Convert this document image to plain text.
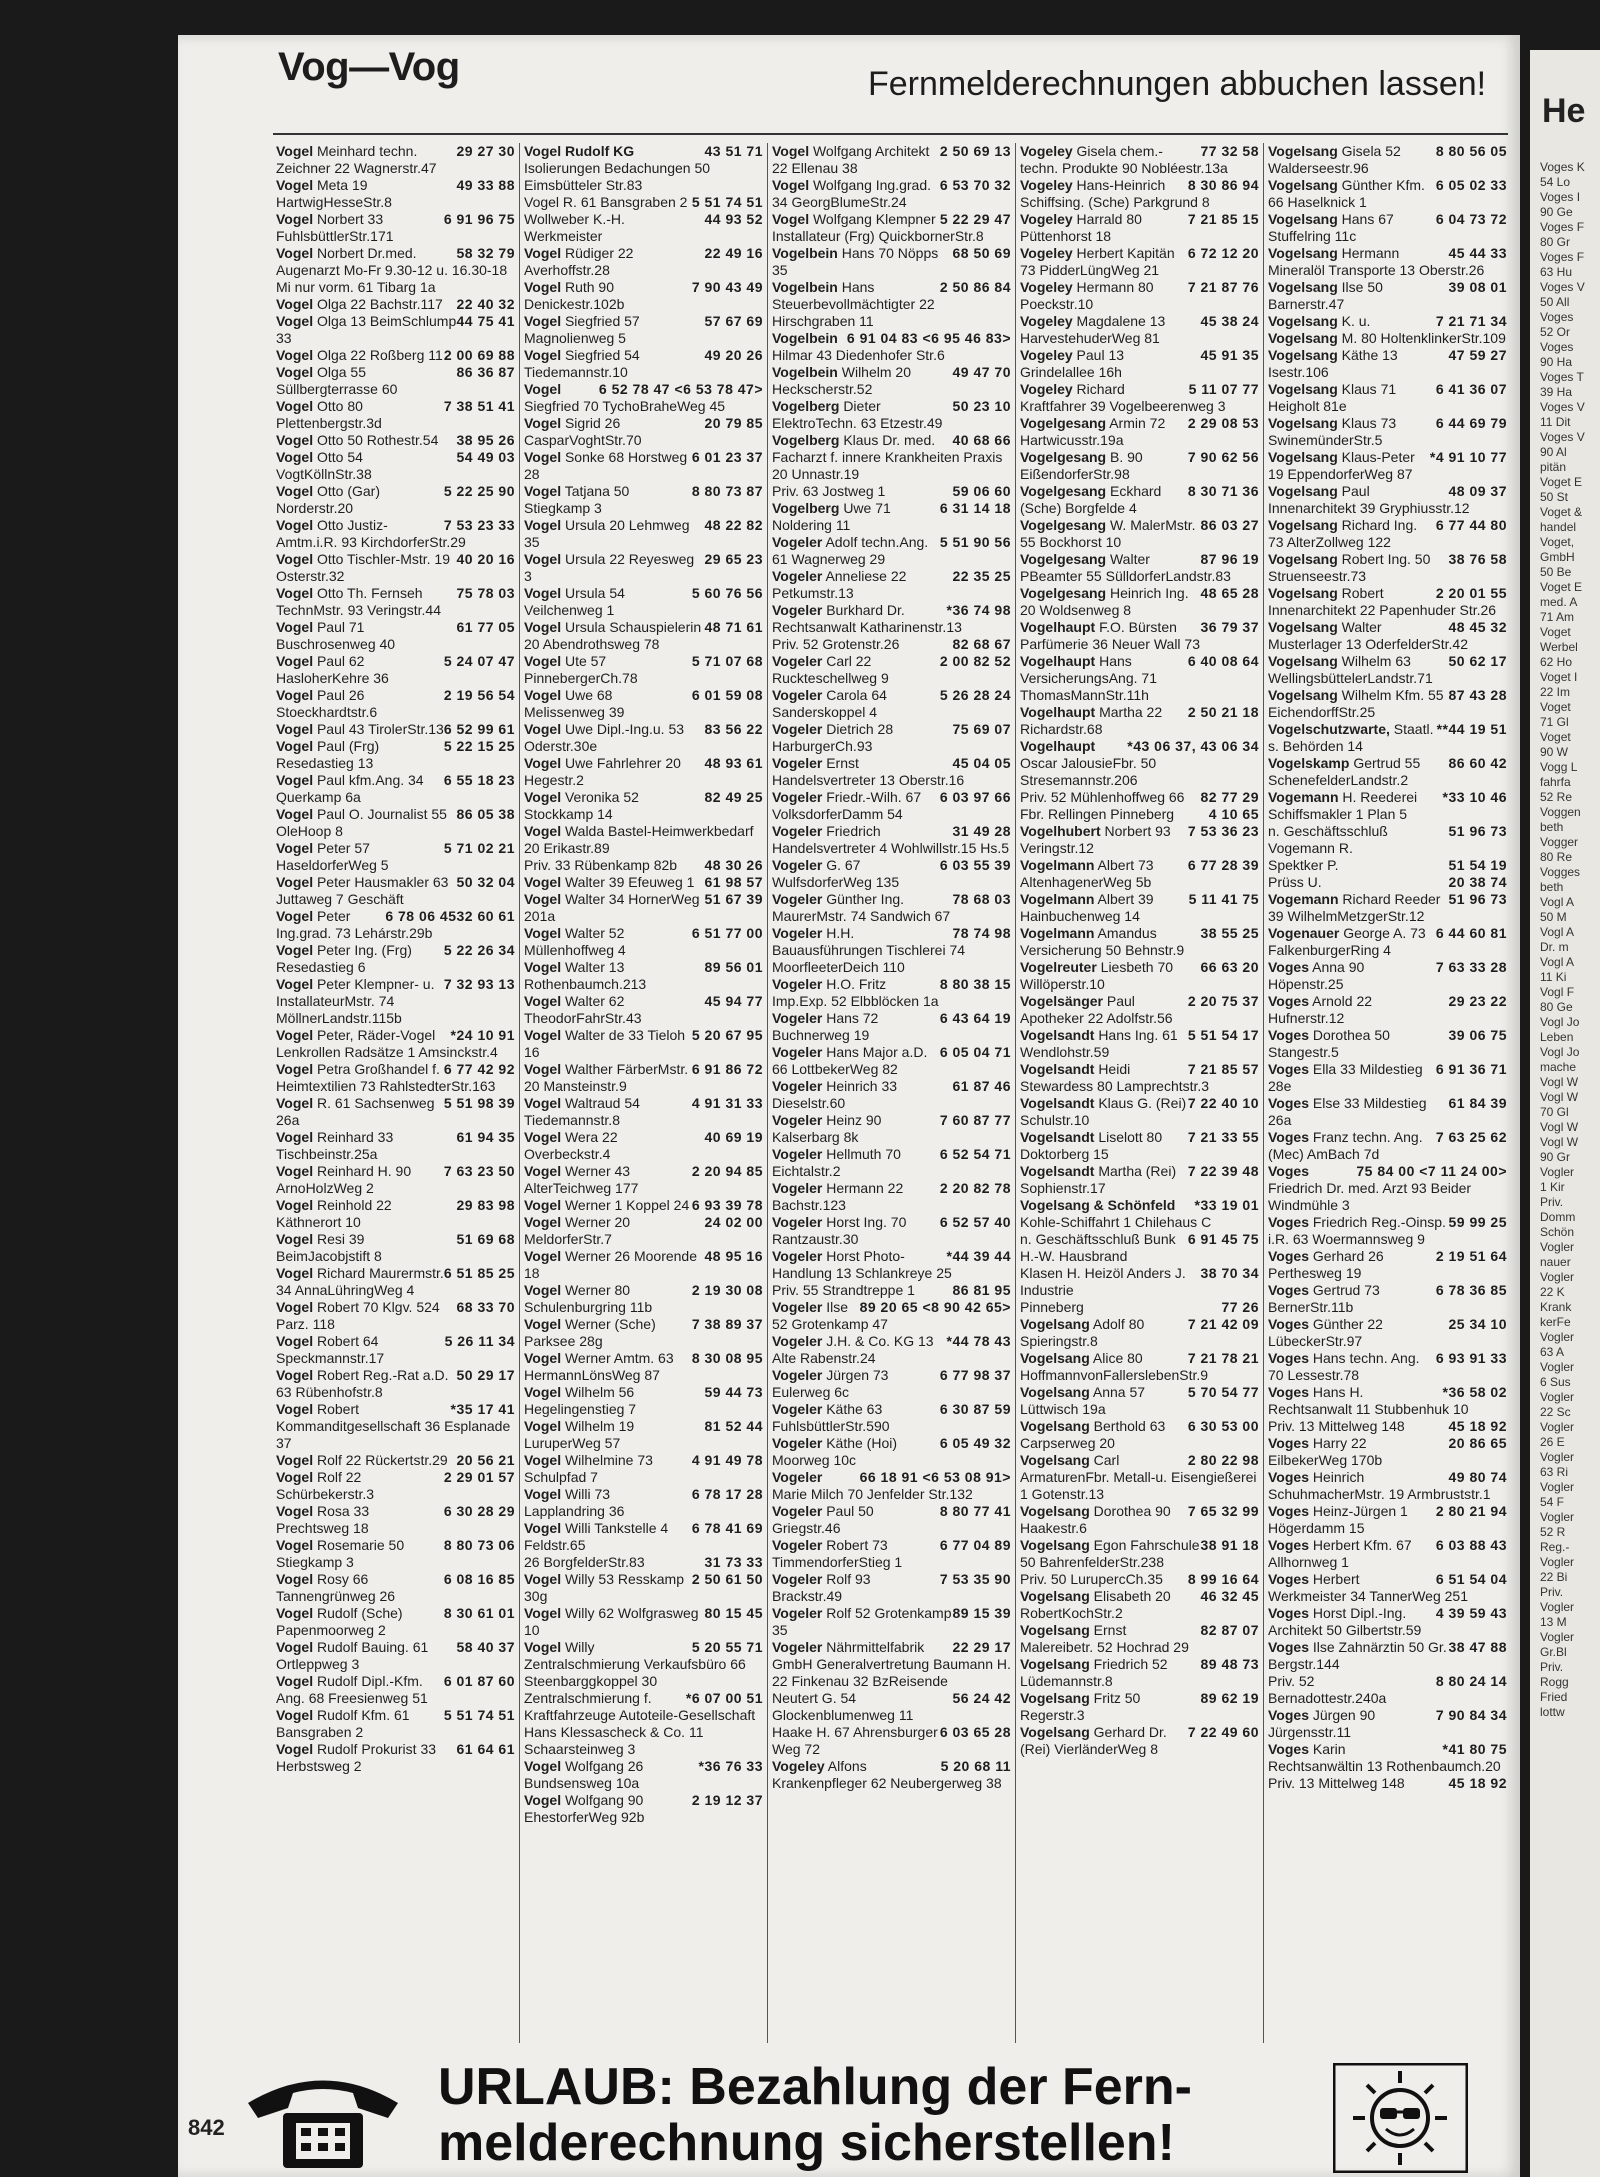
Vog—Vog	Fernmelderechnungen abbuchen lassen!
29 27 30
Vogel Meinhard techn. Zeichner 22 Wagnerstr.47
49 33 88
Vogel Meta 19 HartwigHesseStr.8
6 91 96 75
Vogel Norbert 33 FuhlsbüttlerStr.171
58 32 79
Vogel Norbert Dr.med. Augenarzt Mo-Fr 9.30-12 u. 16.30-18 Mi nur vorm. 61 Tibarg 1a
22 40 32
Vogel Olga 22 Bachstr.117
44 75 41
Vogel Olga 13 BeimSchlump 33
2 00 69 88
Vogel Olga 22 Roßberg 11
86 36 87
Vogel Olga 55 Süllbergterrasse 60
7 38 51 41
Vogel Otto 80 Plettenbergstr.3d
38 95 26
Vogel Otto 50 Rothestr.54
54 49 03
Vogel Otto 54 VogtKöllnStr.38
5 22 25 90
Vogel Otto (Gar) Norderstr.20
7 53 23 33
Vogel Otto Justiz-Amtm.i.R. 93 KirchdorferStr.29
40 20 16
Vogel Otto Tischler-Mstr. 19 Osterstr.32
75 78 03
Vogel Otto Th. Fernseh TechnMstr. 93 Veringstr.44
61 77 05
Vogel Paul 71 Buschrosenweg 40
5 24 07 47
Vogel Paul 62 HasloherKehre 36
2 19 56 54
Vogel Paul 26 Stoeckhardtstr.6
6 52 99 61
Vogel Paul 43 TirolerStr.13
5 22 15 25
Vogel Paul (Frg) Resedastieg 13
6 55 18 23
Vogel Paul kfm.Ang. 34 Querkamp 6a
86 05 38
Vogel Paul O. Journalist 55 OleHoop 8
5 71 02 21
Vogel Peter 57 HaseldorferWeg 5
50 32 04
Vogel Peter Hausmakler 63 Juttaweg 7 Geschäft
32 60 61
6 78 06 45
Vogel Peter Ing.grad. 73 Lehárstr.29b
5 22 26 34
Vogel Peter Ing. (Frg) Resedastieg 6
7 32 93 13
Vogel Peter Klempner- u. InstallateurMstr. 74 MöllnerLandstr.115b
*24 10 91
Vogel Peter, Räder-Vogel Lenkrollen Radsätze 1 Amsinckstr.4
6 77 42 92
Vogel Petra Großhandel f. Heimtextilien 73 RahlstedterStr.163
5 51 98 39
Vogel R. 61 Sachsenweg 26a
61 94 35
Vogel Reinhard 33 Tischbeinstr.25a
7 63 23 50
Vogel Reinhard H. 90 ArnoHolzWeg 2
29 83 98
Vogel Reinhold 22 Käthnerort 10
51 69 68
Vogel Resi 39 BeimJacobjstift 8
6 51 85 25
Vogel Richard Maurermstr. 34 AnnaLühringWeg 4
68 33 70
Vogel Robert 70 Klgv. 524 Parz. 118
5 26 11 34
Vogel Robert 64 Speckmannstr.17
50 29 17
Vogel Robert Reg.-Rat a.D. 63 Rübenhofstr.8
*35 17 41
Vogel Robert Kommanditgesellschaft 36 Esplanade 37
20 56 21
Vogel Rolf 22 Rückertstr.29
2 29 01 57
Vogel Rolf 22 Schürbekerstr.3
6 30 28 29
Vogel Rosa 33 Prechtsweg 18
8 80 73 06
Vogel Rosemarie 50 Stiegkamp 3
6 08 16 85
Vogel Rosy 66 Tannengrünweg 26
8 30 61 01
Vogel Rudolf (Sche) Papenmoorweg 2
58 40 37
Vogel Rudolf Bauing. 61 Ortleppweg 3
6 01 87 60
Vogel Rudolf Dipl.-Kfm. Ang. 68 Freesienweg 51
5 51 74 51
Vogel Rudolf Kfm. 61 Bansgraben 2
61 64 61
Vogel Rudolf Prokurist 33 Herbstsweg 2
43 51 71
Vogel Rudolf KG Isolierungen Bedachungen 50 Eimsbütteler Str.83
5 51 74 51
Vogel R. 61 Bansgraben 2
44 93 52
Wollweber K.-H. Werkmeister
22 49 16
Vogel Rüdiger 22 Averhoffstr.28
7 90 43 49
Vogel Ruth 90 Denickestr.102b
57 67 69
Vogel Siegfried 57 Magnolienweg 5
49 20 26
Vogel Siegfried 54 Tiedemannstr.10
6 52 78 47 <6 53 78 47>
Vogel Siegfried 70 TychoBraheWeg 45
20 79 85
Vogel Sigrid 26 CasparVoghtStr.70
6 01 23 37
Vogel Sonke 68 Horstweg 28
8 80 73 87
Vogel Tatjana 50 Stiegkamp 3
48 22 82
Vogel Ursula 20 Lehmweg 35
29 65 23
Vogel Ursula 22 Reyesweg 3
5 60 76 56
Vogel Ursula 54 Veilchenweg 1
48 71 61
Vogel Ursula Schauspielerin 20 Abendrothsweg 78
5 71 07 68
Vogel Ute 57 PinnebergerCh.78
6 01 59 08
Vogel Uwe 68 Melissenweg 39
83 56 22
Vogel Uwe Dipl.-Ing.u. 53 Oderstr.30e
48 93 61
Vogel Uwe Fahrlehrer 20 Hegestr.2
82 49 25
Vogel Veronika 52 Stockkamp 14
Vogel Walda Bastel-Heimwerkbedarf 20 Erikastr.89
48 30 26
Priv. 33 Rübenkamp 82b
61 98 57
Vogel Walter 39 Efeuweg 1
51 67 39
Vogel Walter 34 HornerWeg 201a
6 51 77 00
Vogel Walter 52 Müllenhoffweg 4
89 56 01
Vogel Walter 13 Rothenbaumch.213
45 94 77
Vogel Walter 62 TheodorFahrStr.43
5 20 67 95
Vogel Walter de 33 Tieloh 16
6 91 86 72
Vogel Walther FärberMstr. 20 Mansteinstr.9
4 91 31 33
Vogel Waltraud 54 Tiedemannstr.8
40 69 19
Vogel Wera 22 Overbeckstr.4
2 20 94 85
Vogel Werner 43 AlterTeichweg 177
6 93 39 78
Vogel Werner 1 Koppel 24
24 02 00
Vogel Werner 20 MeldorferStr.7
48 95 16
Vogel Werner 26 Moorende 18
2 19 30 08
Vogel Werner 80 Schulenburgring 11b
7 38 89 37
Vogel Werner (Sche) Parksee 28g
8 30 08 95
Vogel Werner Amtm. 63 HermannLönsWeg 87
59 44 73
Vogel Wilhelm 56 Hegelingenstieg 7
81 52 44
Vogel Wilhelm 19 LuruperWeg 57
4 91 49 78
Vogel Wilhelmine 73 Schulpfad 7
6 78 17 28
Vogel Willi 73 Lapplandring 36
6 78 41 69
Vogel Willi Tankstelle 4 Feldstr.65
31 73 33
26 BorgfelderStr.83
2 50 61 50
Vogel Willy 53 Resskamp 30g
80 15 45
Vogel Willy 62 Wolfgrasweg 10
5 20 55 71
Vogel Willy Zentralschmierung Verkaufsbüro 66 Steenbarggkoppel 30
*6 07 00 51
Zentralschmierung f. Kraftfahrzeuge Autoteile-Gesellschaft Hans Klessascheck & Co. 11 Schaarsteinweg 3
*36 76 33
Vogel Wolfgang 26 Bundsensweg 10a
2 19 12 37
Vogel Wolfgang 90 EhestorferWeg 92b
2 50 69 13
Vogel Wolfgang Architekt 22 Ellenau 38
6 53 70 32
Vogel Wolfgang Ing.grad. 34 GeorgBlumeStr.24
5 22 29 47
Vogel Wolfgang Klempner Installateur (Frg) QuickbornerStr.8
68 50 69
Vogelbein Hans 70 Nöpps 35
2 50 86 84
Vogelbein Hans Steuerbevollmächtigter 22 Hirschgraben 11
6 91 04 83 <6 95 46 83>
Vogelbein Hilmar 43 Diedenhofer Str.6
49 47 70
Vogelbein Wilhelm 20 Heckscherstr.52
50 23 10
Vogelberg Dieter ElektroTechn. 63 Etzestr.49
40 68 66
Vogelberg Klaus Dr. med. Facharzt f. innere Krankheiten Praxis 20 Unnastr.19
59 06 60
Priv. 63 Jostweg 1
6 31 14 18
Vogelberg Uwe 71 Noldering 11
5 51 90 56
Vogeler Adolf techn.Ang. 61 Wagnerweg 29
22 35 25
Vogeler Anneliese 22 Petkumstr.13
*36 74 98
Vogeler Burkhard Dr. Rechtsanwalt Katharinenstr.13
82 68 67
Priv. 52 Grotenstr.26
2 00 82 52
Vogeler Carl 22 Ruckteschellweg 9
5 26 28 24
Vogeler Carola 64 Sanderskoppel 4
75 69 07
Vogeler Dietrich 28 HarburgerCh.93
45 04 05
Vogeler Ernst Handelsvertreter 13 Oberstr.16
6 03 97 66
Vogeler Friedr.-Wilh. 67 VolksdorferDamm 54
31 49 28
Vogeler Friedrich Handelsvertreter 4 Wohlwillstr.15 Hs.5
6 03 55 39
Vogeler G. 67 WulfsdorferWeg 135
78 68 03
Vogeler Günther Ing. MaurerMstr. 74 Sandwich 67
78 74 98
Vogeler H.H. Bauausführungen Tischlerei 74 MoorfleeterDeich 110
8 80 38 15
Vogeler H.O. Fritz Imp.Exp. 52 Elbblöcken 1a
6 43 64 19
Vogeler Hans 72 Buchnerweg 19
6 05 04 71
Vogeler Hans Major a.D. 66 LottbekerWeg 82
61 87 46
Vogeler Heinrich 33 Dieselstr.60
7 60 87 77
Vogeler Heinz 90 Kalserbarg 8k
6 52 54 71
Vogeler Hellmuth 70 Eichtalstr.2
2 20 82 78
Vogeler Hermann 22 Bachstr.123
6 52 57 40
Vogeler Horst Ing. 70 Rantzaustr.30
*44 39 44
Vogeler Horst Photo-Handlung 13 Schlankreye 25
86 81 95
Priv. 55 Strandtreppe 1
89 20 65 <8 90 42 65>
Vogeler Ilse 52 Grotenkamp 47
*44 78 43
Vogeler J.H. & Co. KG 13 Alte Rabenstr.24
6 77 98 37
Vogeler Jürgen 73 Eulerweg 6c
6 30 87 59
Vogeler Käthe 63 FuhlsbüttlerStr.590
6 05 49 32
Vogeler Käthe (Hoi) Moorweg 10c
66 18 91 <6 53 08 91>
Vogeler Marie Milch 70 Jenfelder Str.132
8 80 77 41
Vogeler Paul 50 Griegstr.46
6 77 04 89
Vogeler Robert 73 TimmendorferStieg 1
7 53 35 90
Vogeler Rolf 93 Brackstr.49
89 15 39
Vogeler Rolf 52 Grotenkamp 35
22 29 17
Vogeler Nährmittelfabrik GmbH Generalvertretung Baumann H. 22 Finkenau 32 BzReisende
56 24 42
Neutert G. 54 Glockenblumenweg 11
6 03 65 28
Haake H. 67 Ahrensburger Weg 72
5 20 68 11
Vogeley Alfons Krankenpfleger 62 Neubergerweg 38
77 32 58
Vogeley Gisela chem.-techn. Produkte 90 Nobléestr.13a
8 30 86 94
Vogeley Hans-Heinrich Schiffsing. (Sche) Parkgrund 8
7 21 85 15
Vogeley Harrald 80 Püttenhorst 18
6 72 12 20
Vogeley Herbert Kapitän 73 PidderLüngWeg 21
7 21 87 76
Vogeley Hermann 80 Poeckstr.10
45 38 24
Vogeley Magdalene 13 HarvestehuderWeg 81
45 91 35
Vogeley Paul 13 Grindelallee 16h
5 11 07 77
Vogeley Richard Kraftfahrer 39 Vogelbeerenweg 3
2 29 08 53
Vogelgesang Armin 72 Hartwicusstr.19a
7 90 62 56
Vogelgesang B. 90 EißendorferStr.98
8 30 71 36
Vogelgesang Eckhard (Sche) Borgfelde 4
86 03 27
Vogelgesang W. MalerMstr. 55 Bockhorst 10
87 96 19
Vogelgesang Walter PBeamter 55 SülldorferLandstr.83
48 65 28
Vogelgesang Heinrich Ing. 20 Woldsenweg 8
36 79 37
Vogelhaupt F.O. Bürsten Parfümerie 36 Neuer Wall 73
6 40 08 64
Vogelhaupt Hans VersicherungsAng. 71 ThomasMannStr.11h
2 50 21 18
Vogelhaupt Martha 22 Richardstr.68
*43 06 37, 43 06 34
Vogelhaupt Oscar JalousieFbr. 50 Stresemannstr.206
82 77 29
Priv. 52 Mühlenhoffweg 66
4 10 65
Fbr. Rellingen Pinneberg
7 53 36 23
Vogelhubert Norbert 93 Veringstr.12
6 77 28 39
Vogelmann Albert 73 AltenhagenerWeg 5b
5 11 41 75
Vogelmann Albert 39 Hainbuchenweg 14
38 55 25
Vogelmann Amandus Versicherung 50 Behnstr.9
66 63 20
Vogelreuter Liesbeth 70 Willöperstr.10
2 20 75 37
Vogelsänger Paul Apotheker 22 Adolfstr.56
5 51 54 17
Vogelsandt Hans Ing. 61 Wendlohstr.59
7 21 85 57
Vogelsandt Heidi Stewardess 80 Lamprechtstr.3
7 22 40 10
Vogelsandt Klaus G. (Rei) Schulstr.10
7 21 33 55
Vogelsandt Liselott 80 Doktorberg 15
7 22 39 48
Vogelsandt Martha (Rei) Sophienstr.17
*33 19 01
Vogelsang & Schönfeld Kohle-Schiffahrt 1 Chilehaus C
6 91 45 75
n. Geschäftsschluß Bunk H.-W. Hausbrand
38 70 34
Klasen H. Heizöl Anders J. Industrie
77 26
Pinneberg
7 21 42 09
Vogelsang Adolf 80 Spieringstr.8
7 21 78 21
Vogelsang Alice 80 HoffmannvonFallerslebenStr.9
5 70 54 77
Vogelsang Anna 57 Lüttwisch 19a
6 30 53 00
Vogelsang Berthold 63 Carpserweg 20
2 80 22 98
Vogelsang Carl ArmaturenFbr. Metall-u. Eisengießerei 1 Gotenstr.13
7 65 32 99
Vogelsang Dorothea 90 Haakestr.6
38 91 18
Vogelsang Egon Fahrschule 50 BahrenfelderStr.238
8 99 16 64
Priv. 50 LurupercCh.35
46 32 45
Vogelsang Elisabeth 20 RobertKochStr.2
82 87 07
Vogelsang Ernst Malereibetr. 52 Hochrad 29
89 48 73
Vogelsang Friedrich 52 Lüdemannstr.8
89 62 19
Vogelsang Fritz 50 Regerstr.3
7 22 49 60
Vogelsang Gerhard Dr. (Rei) VierländerWeg 8
8 80 56 05
Vogelsang Gisela 52 Walderseestr.96
6 05 02 33
Vogelsang Günther Kfm. 66 Haselknick 1
6 04 73 72
Vogelsang Hans 67 Stuffelring 11c
45 44 33
Vogelsang Hermann Mineralöl Transporte 13 Oberstr.26
39 08 01
Vogelsang Ilse 50 Barnerstr.47
7 21 71 34
Vogelsang K. u.
Vogelsang M. 80 HoltenklinkerStr.109
47 59 27
Vogelsang Käthe 13 Isestr.106
6 41 36 07
Vogelsang Klaus 71 Heigholt 81e
6 44 69 79
Vogelsang Klaus 73 SwinemünderStr.5
*4 91 10 77
Vogelsang Klaus-Peter 19 EppendorferWeg 87
48 09 37
Vogelsang Paul Innenarchitekt 39 Gryphiusstr.12
6 77 44 80
Vogelsang Richard Ing. 73 AlterZollweg 122
38 76 58
Vogelsang Robert Ing. 50 Struenseestr.73
2 20 01 55
Vogelsang Robert Innenarchitekt 22 Papenhuder Str.26
48 45 32
Vogelsang Walter Musterlager 13 OderfelderStr.42
50 62 17
Vogelsang Wilhelm 63 WellingsbüttelerLandstr.71
87 43 28
Vogelsang Wilhelm Kfm. 55 EichendorffStr.25
**44 19 51
Vogelschutzwarte, Staatl. s. Behörden 14
86 60 42
Vogelskamp Gertrud 55 SchenefelderLandstr.2
*33 10 46
Vogemann H. Reederei Schiffsmakler 1 Plan 5
51 96 73
n. Geschäftsschluß Vogemann R.
51 54 19
Spektker P.
20 38 74
Prüss U.
51 96 73
Vogemann Richard Reeder 39 WilhelmMetzgerStr.12
6 44 60 81
Vogenauer George A. 73 FalkenburgerRing 4
7 63 33 28
Voges Anna 90 Höpenstr.25
29 23 22
Voges Arnold 22 Hufnerstr.12
39 06 75
Voges Dorothea 50 Stangestr.5
6 91 36 71
Voges Ella 33 Mildestieg 28e
61 84 39
Voges Else 33 Mildestieg 26a
7 63 25 62
Voges Franz techn. Ang. (Mec) AmBach 7d
75 84 00 <7 11 24 00>
Voges Friedrich Dr. med. Arzt 93 Beider Windmühle 3
59 99 25
Voges Friedrich Reg.-Oinsp. i.R. 63 Woermannsweg 9
2 19 51 64
Voges Gerhard 26 Perthesweg 19
6 78 36 85
Voges Gertrud 73 BernerStr.11b
25 34 10
Voges Günther 22 LübeckerStr.97
6 93 91 33
Voges Hans techn. Ang. 70 Lessestr.78
*36 58 02
Voges Hans H. Rechtsanwalt 11 Stubbenhuk 10
45 18 92
Priv. 13 Mittelweg 148
20 86 65
Voges Harry 22 EilbekerWeg 170b
49 80 74
Voges Heinrich SchuhmacherMstr. 19 Armbruststr.1
2 80 21 94
Voges Heinz-Jürgen 1 Högerdamm 15
6 03 88 43
Voges Herbert Kfm. 67 Allhornweg 1
6 51 54 04
Voges Herbert Werkmeister 34 TannerWeg 251
4 39 59 43
Voges Horst Dipl.-Ing. Architekt 50 Gilbertstr.59
38 47 88
Voges Ilse Zahnärztin 50 Gr. Bergstr.144
8 80 24 14
Priv. 52 Bernadottestr.240a
7 90 84 34
Voges Jürgen 90 Jürgensstr.11
*41 80 75
Voges Karin Rechtsanwältin 13 Rothenbaumch.20
45 18 92
Priv. 13 Mittelweg 148
842
URLAUB: Bezahlung der Fern-
melderechnung sicherstellen!
He
Voges K
54 Lo
Voges I
90 Ge
Voges F
80 Gr
Voges F
63 Hu
Voges V
50 All
Voges
52 Or
Voges
90 Ha
Voges T
39 Ha
Voges V
11 Dit
Voges V
90 Al
pitän
Voget E
50 St
Voget &
handel
Voget,
GmbH
50 Be
Voget E
med. A
71 Am
Voget
Werbel
62 Ho
Voget I
22 Im
Voget
71 Gl
Voget
90 W
Vogg L
fahrfa
52 Re
Voggen
beth
Vogger
80 Re
Vogges
beth
Vogl A
50 M
Vogl A
Dr. m
Vogl A
11 Ki
Vogl F
80 Ge
Vogl Jo
Leben
Vogl Jo
mache
Vogl W
Vogl W
70 Gl
Vogl W
Vogl W
90 Gr
Vogler
1 Kir
Priv.
Domm
Schön
Vogler
nauer
Vogler
22 K
Krank
kerFe
Vogler
63 A
Vogler
6 Sus
Vogler
22 Sc
Vogler
26 E
Vogler
63 Ri
Vogler
54 F
Vogler
52 R
Reg.-
Vogler
22 Bi
Priv.
Vogler
13 M
Vogler
Gr.Bl
Priv.
Rogg
Fried
lottw
